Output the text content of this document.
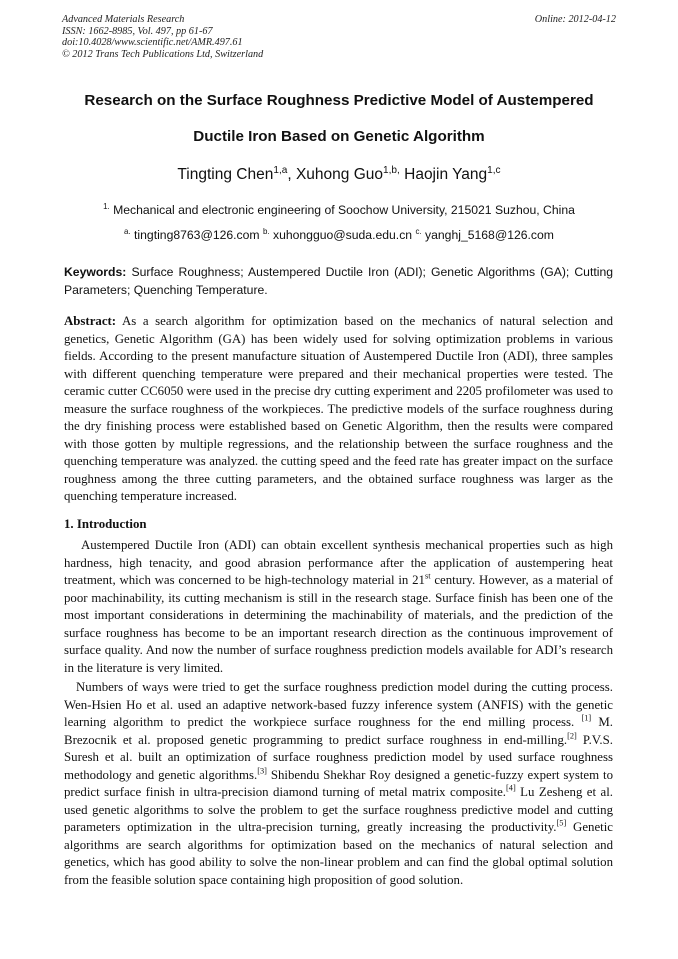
Advanced Materials Research
ISSN: 1662-8985, Vol. 497, pp 61-67
doi:10.4028/www.scientific.net/AMR.497.61
© 2012 Trans Tech Publications Ltd, Switzerland
Online: 2012-04-12
Research on the Surface Roughness Predictive Model of Austempered
Ductile Iron Based on Genetic Algorithm
Tingting Chen$^{1,a}$, Xuhong Guo$^{1,b,}$ Haojin Yang$^{1,c}$
$^{1.}$ Mechanical and electronic engineering of Soochow University, 215021 Suzhou, China
$^{a.}$ tingting8763@126.com $^{b.}$ xuhongguo@suda.edu.cn $^{c.}$ yanghj_5168@126.com
Keywords: Surface Roughness; Austempered Ductile Iron (ADI); Genetic Algorithms (GA); Cutting Parameters; Quenching Temperature.
Abstract: As a search algorithm for optimization based on the mechanics of natural selection and genetics, Genetic Algorithm (GA) has been widely used for solving optimization problems in various fields. According to the present manufacture situation of Austempered Ductile Iron (ADI), three samples with different quenching temperature were prepared and their mechanical properties were tested. The ceramic cutter CC6050 were used in the precise dry cutting experiment and 2205 profilometer was used to measure the surface roughness of the workpieces. The predictive models of the surface roughness during the dry finishing process were established based on Genetic Algorithm, then the results were compared with those gotten by multiple regressions, and the relationship between the surface roughness and the quenching temperature was analyzed. the cutting speed and the feed rate has greater impact on the surface roughness among the three cutting parameters, and the obtained surface roughness was larger as the quenching temperature increased.
1. Introduction

Austempered Ductile Iron (ADI) can obtain excellent synthesis mechanical properties such as high hardness, high tenacity, and good abrasion performance after the application of austempering heat treatment, which was concerned to be high-technology material in 21st century. However, as a material of poor machinability, its cutting mechanism is still in the research stage. Surface finish has been one of the most important considerations in determining the machinability of materials, and the prediction of the surface roughness has become to be an important research direction as the continuous improvement of surface quality. And now the number of surface roughness prediction models available for ADI’s research in the literature is very limited.

Numbers of ways were tried to get the surface roughness prediction model during the cutting process. Wen-Hsien Ho et al. used an adaptive network-based fuzzy inference system (ANFIS) with the genetic learning algorithm to predict the workpiece surface roughness for the end milling process. [1] M. Brezocnik et al. proposed genetic programming to predict surface roughness in end-milling.[2] P.V.S. Suresh et al. built an optimization of surface roughness prediction model by used surface roughness methodology and genetic algorithms.[3] Shibendu Shekhar Roy designed a genetic-fuzzy expert system to predict surface finish in ultra-precision diamond turning of metal matrix composite.[4] Lu Zesheng et al. used genetic algorithms to solve the problem to get the surface roughness predictive model and cutting parameters optimization in the ultra-precision turning, greatly increasing the productivity.[5] Genetic algorithms are search algorithms for optimization based on the mechanics of natural selection and genetics, which has good ability to solve the non-linear problem and can find the global optimal solution from the feasible solution space containing high proposition of good solution.
